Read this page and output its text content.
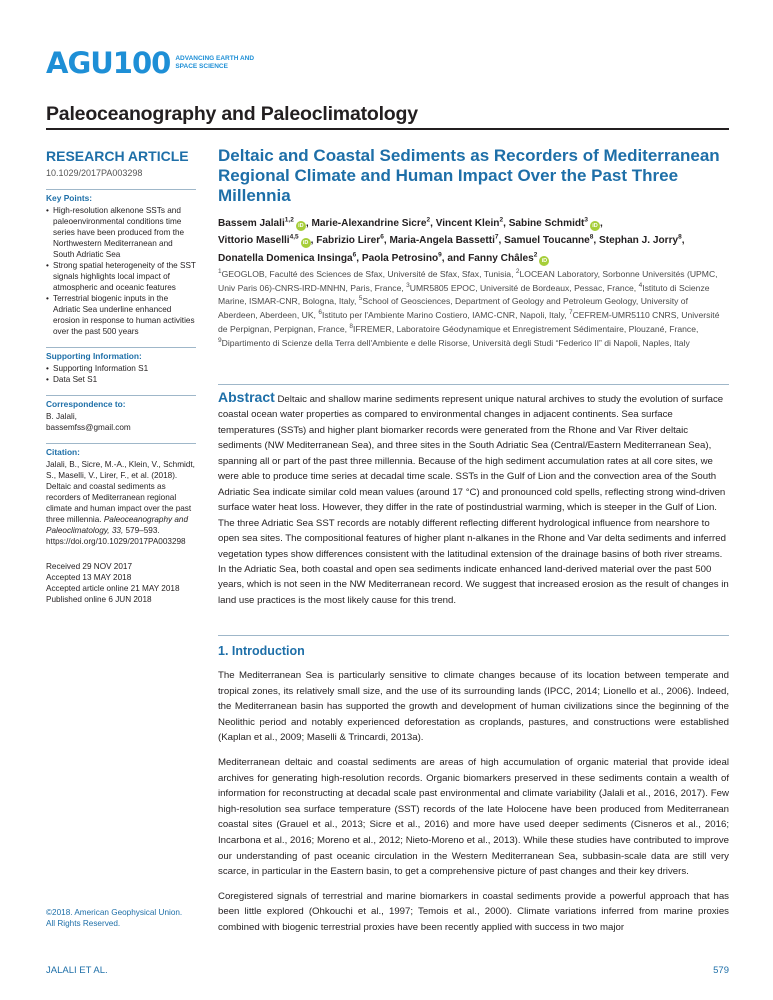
AGU100 ADVANCING EARTH AND SPACE SCIENCE
Paleoceanography and Paleoclimatology
RESEARCH ARTICLE
10.1029/2017PA003298
Key Points:
• High-resolution alkenone SSTs and paleoenvironmental conditions time series have been produced from the Northwestern Mediterranean and South Adriatic Sea
• Strong spatial heterogeneity of the SST signals highlights local impact of atmospheric and oceanic features
• Terrestrial biogenic inputs in the Adriatic Sea underline enhanced erosion in response to human activities over the past 500 years
Supporting Information:
• Supporting Information S1
• Data Set S1
Correspondence to:
B. Jalali,
bassemfss@gmail.com
Citation:
Jalali, B., Sicre, M.-A., Klein, V., Schmidt, S., Maselli, V., Lirer, F., et al. (2018). Deltaic and coastal sediments as recorders of Mediterranean regional climate and human impact over the past three millennia. Paleoceanography and Paleoclimatology, 33, 579–593. https://doi.org/10.1029/2017PA003298
Received 29 NOV 2017
Accepted 13 MAY 2018
Accepted article online 21 MAY 2018
Published online 6 JUN 2018
©2018. American Geophysical Union.
All Rights Reserved.
Deltaic and Coastal Sediments as Recorders of Mediterranean Regional Climate and Human Impact Over the Past Three Millennia
Bassem Jalali$^{1,2}$iD , Marie-Alexandrine Sicre$^2$, Vincent Klein$^2$, Sabine Schmidt$^3$iD ,
Vittorio Maselli$^{4,5}$iD , Fabrizio Lirer$^6$, Maria-Angela Bassetti$^7$, Samuel Toucanne$^8$, Stephan J. Jorry$^8$,
Donatella Domenica Insinga$^6$, Paola Petrosino$^9$, and Fanny Châles$^2$iD
$^1$GEOGLOB, Faculté des Sciences de Sfax, Université de Sfax, Sfax, Tunisia, $^2$LOCEAN Laboratory, Sorbonne Universités (UPMC, Univ Paris 06)-CNRS-IRD-MNHN, Paris, France, $^3$UMR5805 EPOC, Université de Bordeaux, Pessac, France, $^4$Istituto di Scienze Marine, ISMAR-CNR, Bologna, Italy, $^5$School of Geosciences, Department of Geology and Petroleum Geology, University of Aberdeen, Aberdeen, UK, $^6$Istituto per l'Ambiente Marino Costiero, IAMC-CNR, Napoli, Italy, $^7$CEFREM-UMR5110 CNRS, Université de Perpignan, Perpignan, France, $^8$IFREMER, Laboratoire Géodynamique et Enregistrement Sédimentaire, Plouzané, France, $^9$Dipartimento di Scienze della Terra dell'Ambiente e delle Risorse, Università degli Studi “Federico II” di Napoli, Naples, Italy
Abstract Deltaic and shallow marine sediments represent unique natural archives to study the evolution of surface coastal ocean water properties as compared to environmental changes in adjacent continents. Sea surface temperatures (SSTs) and higher plant biomarker records were generated from the Rhone and Var River deltaic sediments (NW Mediterranean Sea), and three sites in the South Adriatic Sea (Central/Eastern Mediterranean Sea), spanning all or part of the past three millennia. Because of the high sediment accumulation rates at all core sites, we were able to produce time series at decadal time scale. SSTs in the Gulf of Lion and the convection area of the South Adriatic Sea indicate similar cold mean values (around 17 °C) and pronounced cold spells, reflecting strong wind-driven surface water heat loss. However, they differ in the rate of postindustrial warming, which is steeper in the Gulf of Lion. The three Adriatic Sea SST records are notably different reflecting different hydrological influence from nearshore to open sea sites. The compositional features of higher plant n-alkanes in the Rhone and Var delta sediments and inferred vegetation types show differences consistent with the latitudinal extension of the drainage basins of both river streams. In the Adriatic Sea, both coastal and open sea sediments indicate enhanced land-derived material over the past 500 years, which is not seen in the NW Mediterranean record. We suggest that increased erosion as the result of changes in land use practices is the most likely cause for this trend.
1. Introduction

The Mediterranean Sea is particularly sensitive to climate changes because of its location between temperate and tropical zones, its relatively small size, and the use of its surrounding lands (IPCC, 2014; Lionello et al., 2006). Indeed, the Mediterranean basin has supported the growth and development of human civilizations since the beginning of the Neolithic period and notably experienced deforestation as croplands, pastures, and constructions were established (Kaplan et al., 2009; Maselli & Trincardi, 2013a).

Mediterranean deltaic and coastal sediments are areas of high accumulation of organic material that provide ideal archives for generating high-resolution records. Organic biomarkers preserved in these sediments contain a wealth of information for reconstructing at decadal scale past environmental and climate variability (Jalali et al., 2016, 2017). Few high-resolution sea surface temperature (SST) records of the late Holocene have been produced from Mediterranean coastal sites (Grauel et al., 2013; Sicre et al., 2016) and more have used deeper sediments (Cisneros et al., 2016; Incarbona et al., 2016; Moreno et al., 2012; Nieto-Moreno et al., 2013). While these studies have contributed to improve our understanding of past oceanic circulation in the Western Mediterranean Sea, subbasin-scale data are still very scarce, in particular in the Eastern basin, to get a comprehensive picture of past changes and their key drivers.

Coregistered signals of terrestrial and marine biomarkers in coastal sediments provide a powerful approach that has been little explored (Ohkouchi et al., 1997; Temois et al., 2000). Climate variations inferred from marine proxies combined with biogenic terrestrial proxies have been recently applied with success in two major

JALALI ET AL.	579
